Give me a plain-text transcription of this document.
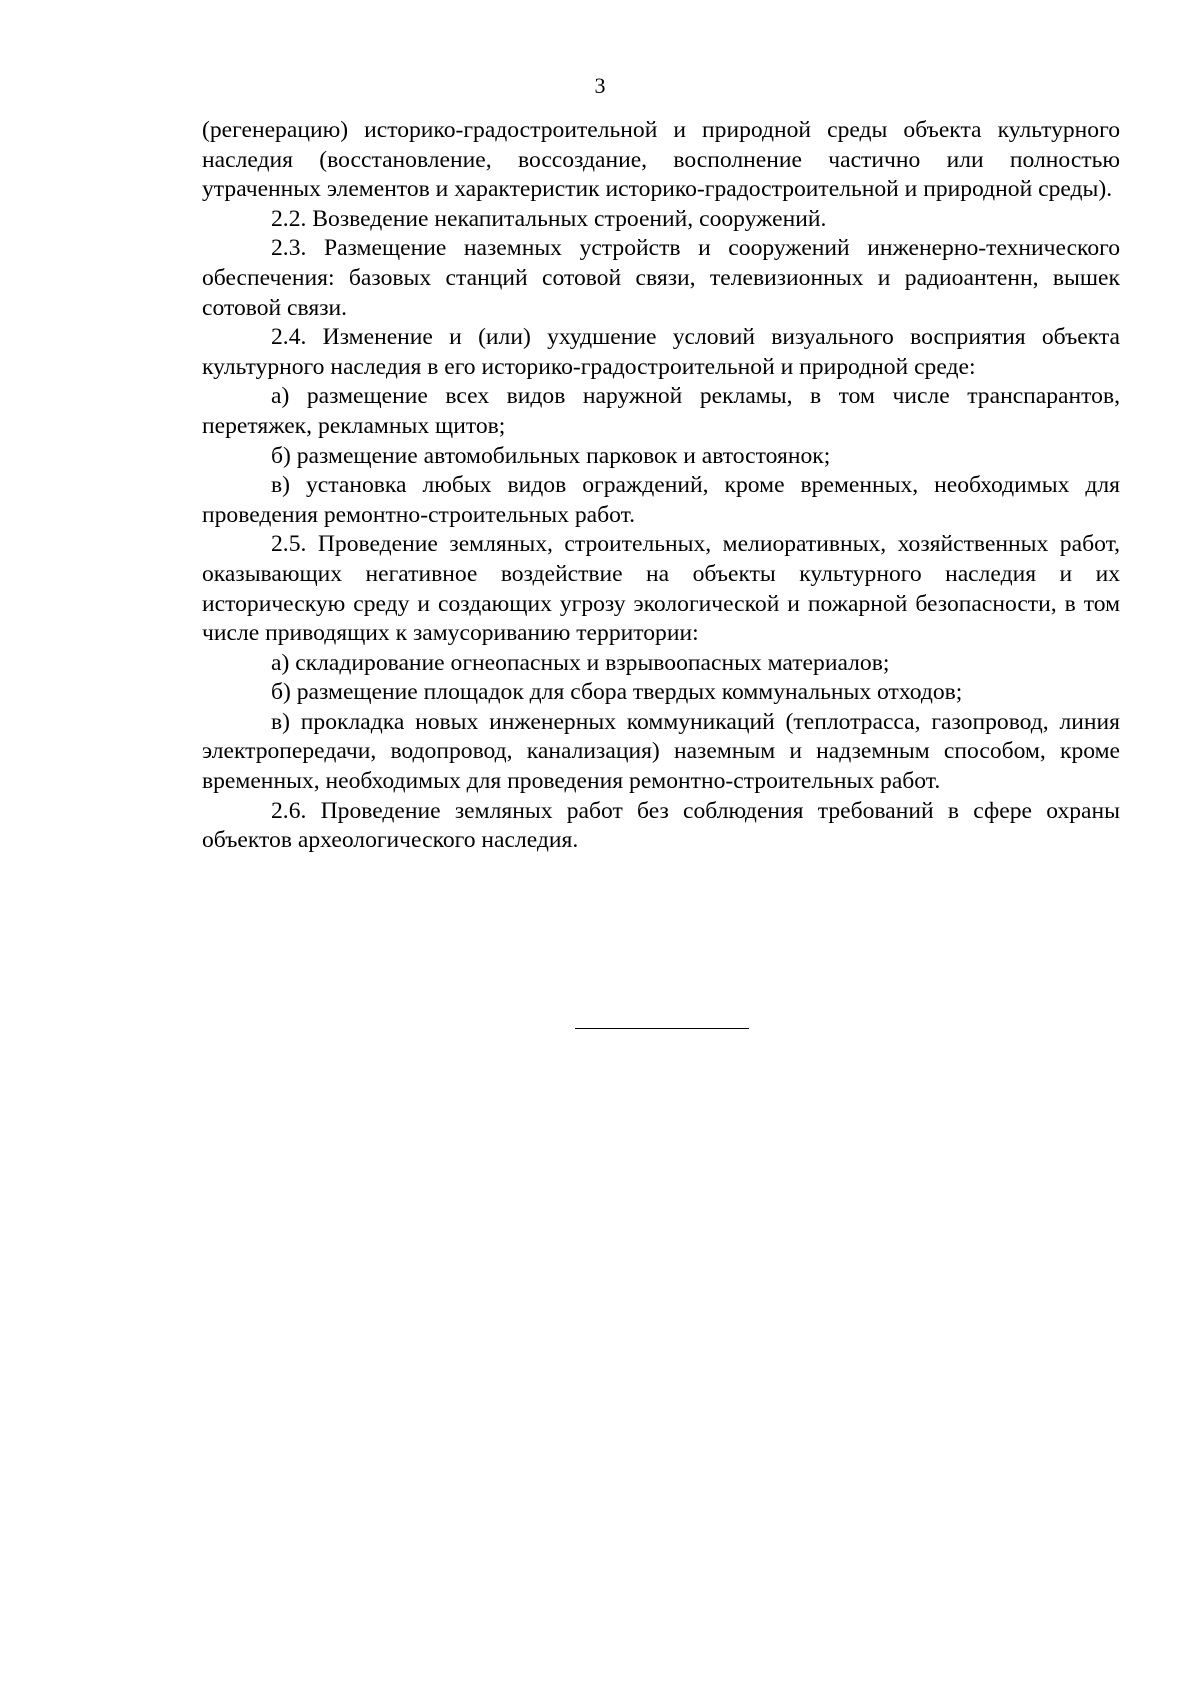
3

(регенерацию) историко-градостроительной и природной среды объекта культурного наследия (восстановление, воссоздание, восполнение частично или полностью утраченных элементов и характеристик историко-градостроительной и природной среды).

2.2. Возведение некапитальных строений, сооружений.

2.3. Размещение наземных устройств и сооружений инженерно-технического обеспечения: базовых станций сотовой связи, телевизионных и радиоантенн, вышек сотовой связи.

2.4. Изменение и (или) ухудшение условий визуального восприятия объекта культурного наследия в его историко-градостроительной и природной среде:

а) размещение всех видов наружной рекламы, в том числе транспарантов, перетяжек, рекламных щитов;

б) размещение автомобильных парковок и автостоянок;

в) установка любых видов ограждений, кроме временных, необходимых для проведения ремонтно-строительных работ.

2.5. Проведение земляных, строительных, мелиоративных, хозяйственных работ, оказывающих негативное воздействие на объекты культурного наследия и их историческую среду и создающих угрозу экологической и пожарной безопасности, в том числе приводящих к замусориванию территории:

а) складирование огнеопасных и взрывоопасных материалов;

б) размещение площадок для сбора твердых коммунальных отходов;

в) прокладка новых инженерных коммуникаций (теплотрасса, газопровод, линия электропередачи, водопровод, канализация) наземным и надземным способом, кроме временных, необходимых для проведения ремонтно-строительных работ.

2.6. Проведение земляных работ без соблюдения требований в сфере охраны объектов археологического наследия.
